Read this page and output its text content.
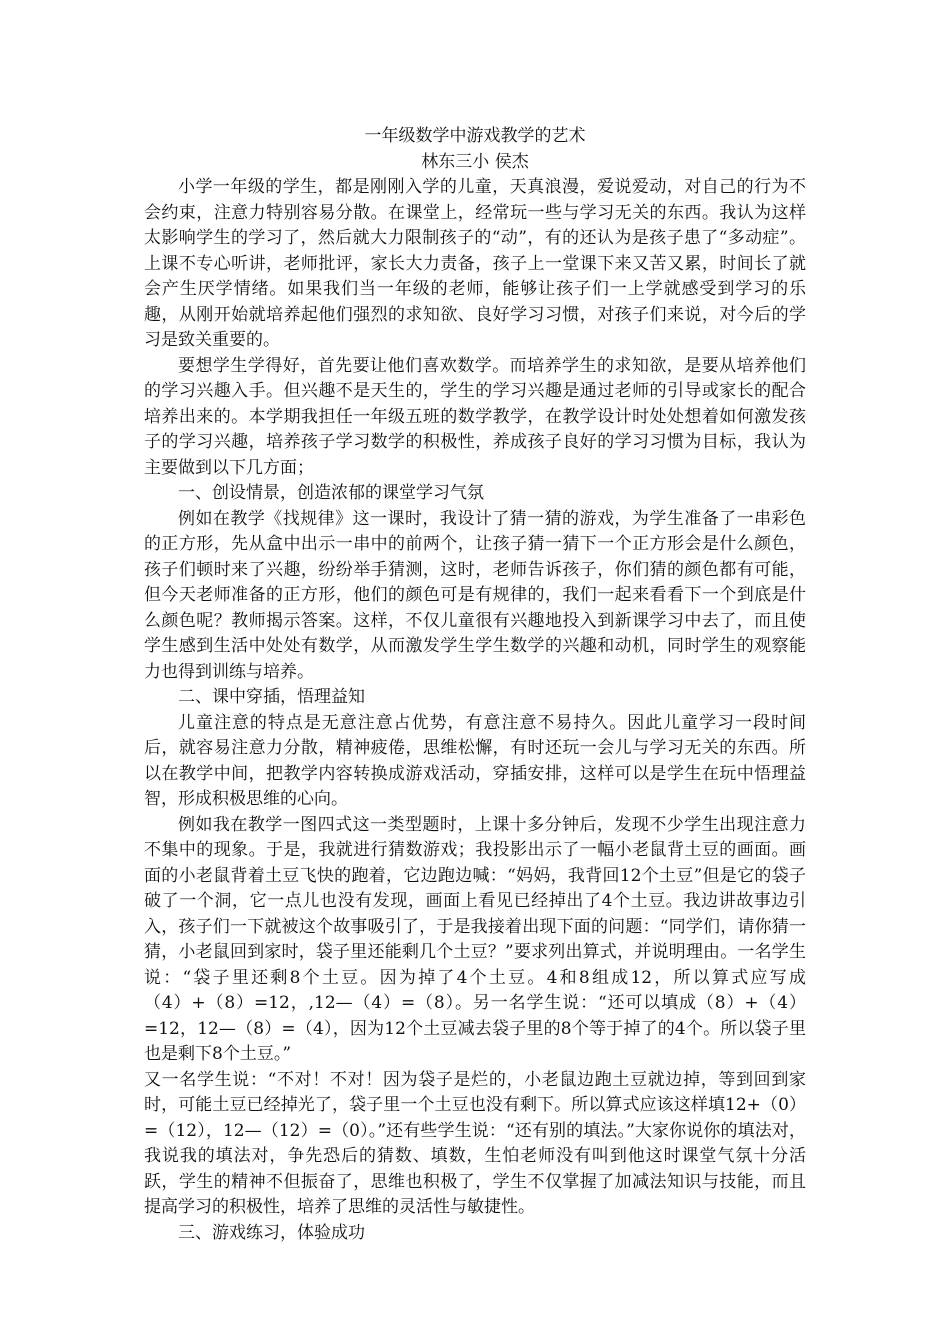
一年级数学中游戏教学的艺术

林东三小 侯杰

小学一年级的学生，都是刚刚入学的儿童，天真浪漫，爱说爱动，对自己的行为不会约束，注意力特别容易分散。在课堂上，经常玩一些与学习无关的东西。我认为这样太影响学生的学习了，然后就大力限制孩子的“动”，有的还认为是孩子患了“多动症”。上课不专心听讲，老师批评，家长大力责备，孩子上一堂课下来又苦又累，时间长了就会产生厌学情绪。如果我们当一年级的老师，能够让孩子们一上学就感受到学习的乐趣，从刚开始就培养起他们强烈的求知欲、良好学习习惯，对孩子们来说，对今后的学习是致关重要的。

要想学生学得好，首先要让他们喜欢数学。而培养学生的求知欲，是要从培养他们的学习兴趣入手。但兴趣不是天生的，学生的学习兴趣是通过老师的引导或家长的配合培养出来的。本学期我担任一年级五班的数学教学，在教学设计时处处想着如何激发孩子的学习兴趣，培养孩子学习数学的积极性，养成孩子良好的学习习惯为目标，我认为主要做到以下几方面；

一、创设情景，创造浓郁的课堂学习气氛

例如在教学《找规律》这一课时，我设计了猜一猜的游戏，为学生准备了一串彩色的正方形，先从盒中出示一串中的前两个，让孩子猜一猜下一个正方形会是什么颜色，孩子们顿时来了兴趣，纷纷举手猜测，这时，老师告诉孩子，你们猜的颜色都有可能，但今天老师准备的正方形，他们的颜色可是有规律的，我们一起来看看下一个到底是什么颜色呢？教师揭示答案。这样，不仅儿童很有兴趣地投入到新课学习中去了，而且使学生感到生活中处处有数学，从而激发学生学生数学的兴趣和动机，同时学生的观察能力也得到训练与培养。

二、课中穿插，悟理益知

儿童注意的特点是无意注意占优势，有意注意不易持久。因此儿童学习一段时间后，就容易注意力分散，精神疲倦，思维松懈，有时还玩一会儿与学习无关的东西。所以在教学中间，把教学内容转换成游戏活动，穿插安排，这样可以是学生在玩中悟理益智，形成积极思维的心向。

例如我在教学一图四式这一类型题时，上课十多分钟后，发现不少学生出现注意力不集中的现象。于是，我就进行猜数游戏；我投影出示了一幅小老鼠背土豆的画面。画面的小老鼠背着土豆飞快的跑着，它边跑边喊：“妈妈，我背回12个土豆”但是它的袋子破了一个洞，它一点儿也没有发现，画面上看见已经掉出了4个土豆。我边讲故事边引入，孩子们一下就被这个故事吸引了，于是我接着出现下面的问题：“同学们，请你猜一猜，小老鼠回到家时，袋子里还能剩几个土豆？”要求列出算式，并说明理由。一名学生说：“袋子里还剩8个土豆。因为掉了4个土豆。4和8组成12，所以算式应写成（4）+（8）=12，,12—（4）=（8）。另一名学生说：“还可以填成（8）+（4）=12，12—（8）=（4），因为12个土豆减去袋子里的8个等于掉了的4个。所以袋子里也是剩下8个土豆。”

又一名学生说：“不对！不对！因为袋子是烂的，小老鼠边跑土豆就边掉，等到回到家时，可能土豆已经掉光了，袋子里一个土豆也没有剩下。所以算式应该这样填12+（0）=（12），12—（12）=（0）。”还有些学生说：“还有别的填法。”大家你说你的填法对，我说我的填法对，争先恐后的猜数、填数，生怕老师没有叫到他这时课堂气氛十分活跃，学生的精神不但振奋了，思维也积极了，学生不仅掌握了加减法知识与技能，而且提高学习的积极性，培养了思维的灵活性与敏捷性。

三、游戏练习，体验成功
